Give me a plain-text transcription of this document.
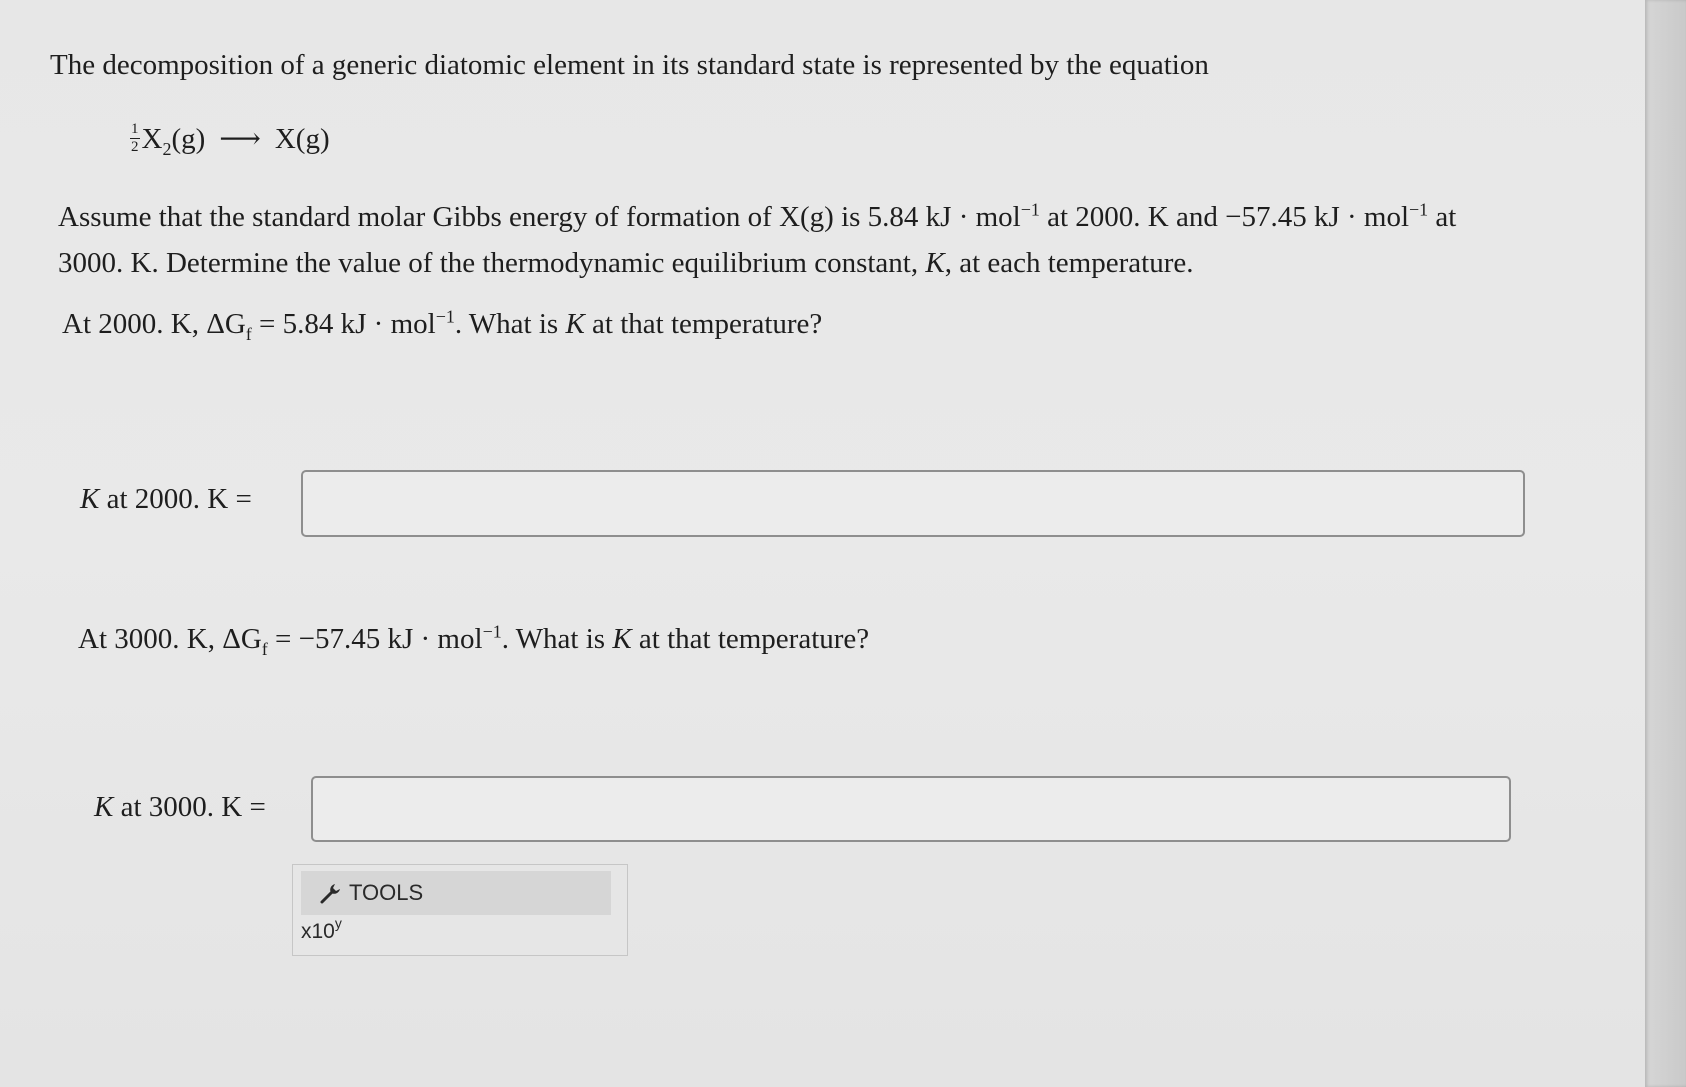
The decomposition of a generic diatomic element in its standard state is represented by the equation
$\frac{1}{2} X_2(g)$ ⟶ X(g)
Assume that the standard molar Gibbs energy of formation of X(g) is 5.84 kJ · mol$^{-1}$ at 2000. K and −57.45 kJ · mol$^{-1}$ at
3000. K. Determine the value of the thermodynamic equilibrium constant, K, at each temperature.
At 2000. K, $\Delta G_f = 5.84$ kJ · mol$^{-1}$. What is K at that temperature?
K at 2000. K =
At 3000. K, $\Delta G_f = -57.45$ kJ · mol$^{-1}$. What is K at that temperature?
K at 3000. K =
TOOLS
x10$^y$
